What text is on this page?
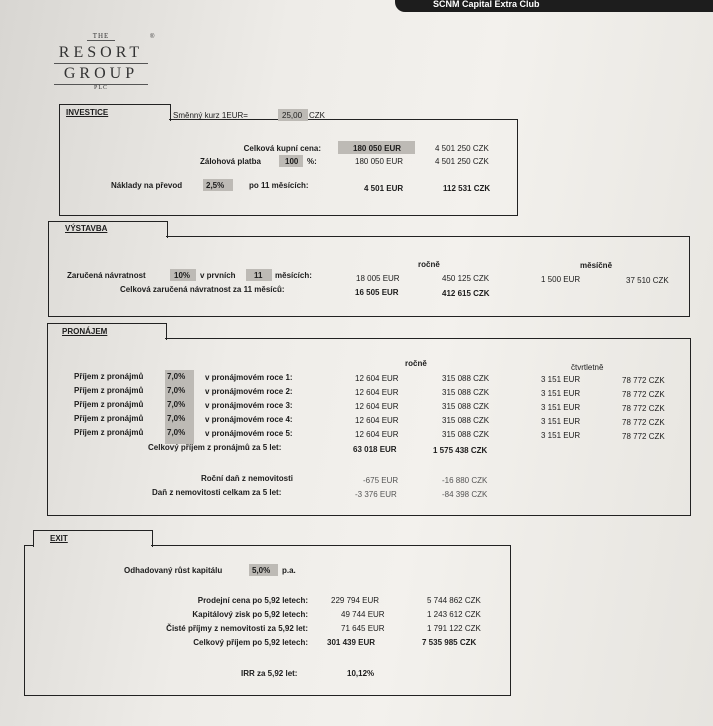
SCNM Capital Extra Club
THE
RESORT
GROUP
PLC
®
INVESTICE	Směnný kurz 1EUR=	25,00 CZK
Celková kupní cena:	180 050 EUR	4 501 250 CZK
Zálohová platba	100 %:	180 050 EUR	4 501 250 CZK
Náklady na převod	2,5%	po 11 měsících:	4 501 EUR	112 531 CZK
VÝSTAVBA
ročně	měsíčně
Zaručená návratnost	10% v prvních 11 měsících:	18 005 EUR	450 125 CZK	1 500 EUR	37 510 CZK
Celková zaručená návratnost za 11 měsíců:	16 505 EUR	412 615 CZK
PRONÁJEM
ročně	čtvrtletně
Příjem z pronájmů	7,0% v pronájmovém roce 1:	12 604 EUR	315 088 CZK	3 151 EUR	78 772 CZK
Příjem z pronájmů	7,0% v pronájmovém roce 2:	12 604 EUR	315 088 CZK	3 151 EUR	78 772 CZK
Příjem z pronájmů	7,0% v pronájmovém roce 3:	12 604 EUR	315 088 CZK	3 151 EUR	78 772 CZK
Příjem z pronájmů	7,0% v pronájmovém roce 4:	12 604 EUR	315 088 CZK	3 151 EUR	78 772 CZK
Příjem z pronájmů	7,0% v pronájmovém roce 5:	12 604 EUR	315 088 CZK	3 151 EUR	78 772 CZK
Celkový příjem z pronájmů za 5 let:	63 018 EUR	1 575 438 CZK
Roční daň z nemovitosti	-675 EUR	-16 880 CZK
Daň z nemovitosti celkam za 5 let:	-3 376 EUR	-84 398 CZK
EXIT
Odhadovaný růst kapitálu	5,0% p.a.
Prodejní cena po 5,92 letech:	229 794 EUR	5 744 862 CZK
Kapitálový zisk po 5,92 letech:	49 744 EUR	1 243 612 CZK
Čisté příjmy z nemovitosti za 5,92 let:	71 645 EUR	1 791 122 CZK
Celkový příjem po 5,92 letech: 301 439 EUR	7 535 985 CZK
IRR za 5,92 let:	10,12%
